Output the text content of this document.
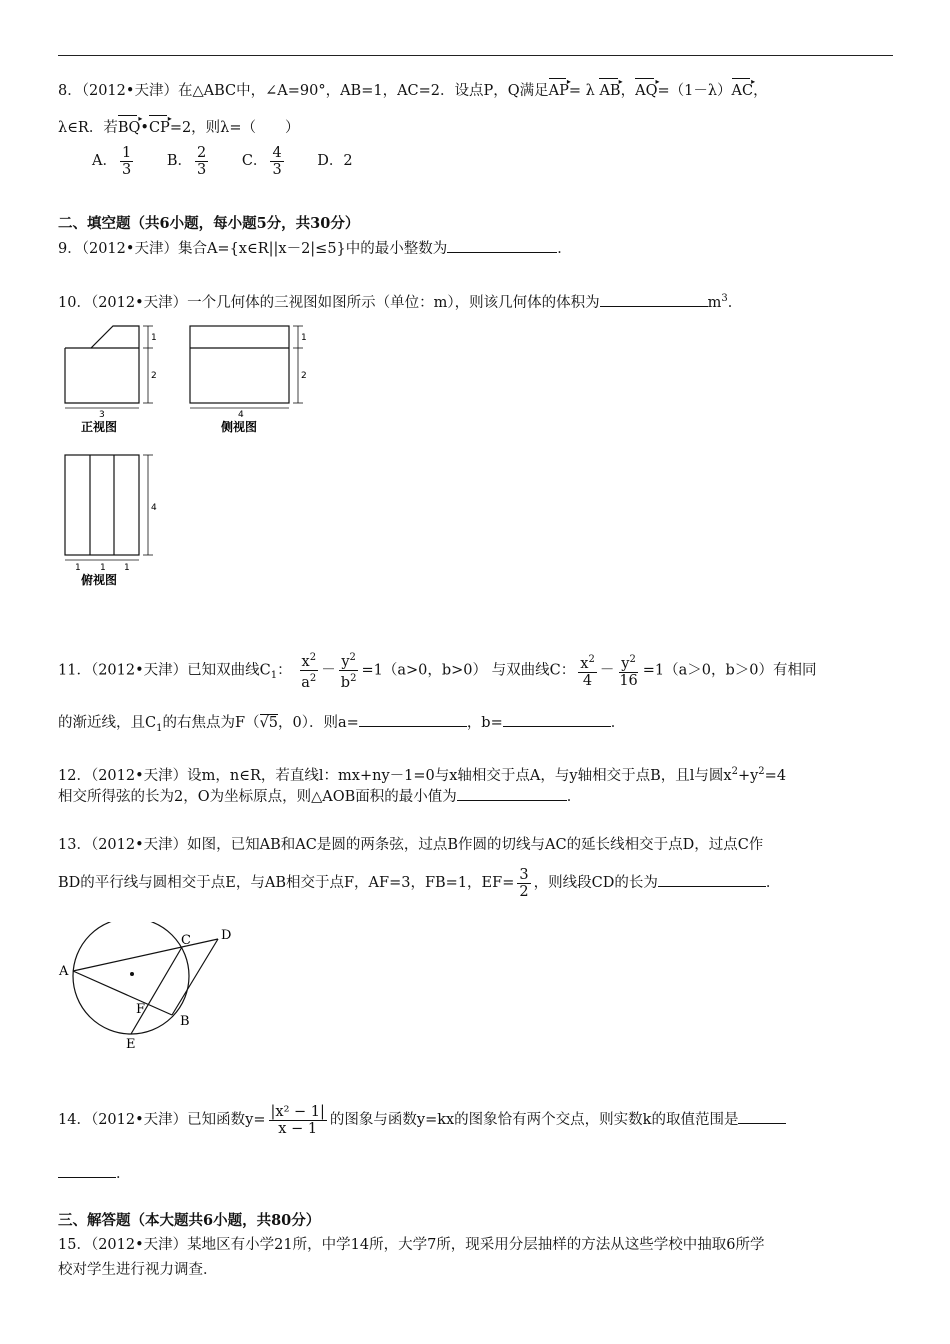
8．（2012•天津）在△ABC中，∠A=90°，AB=1，AC=2．设点P，Q满足AP ▸= λ AB ▸，AQ ▸=（1－λ）AC ▸，
λ∈R．若BQ ▸•CP ▸=2，则λ=（　　）
A． $\frac{1}{3}$ B． $\frac{2}{3}$ C． $\frac{4}{3}$ D．2
二、填空题（共6小题，每小题5分，共30分）
9．（2012•天津）集合A={x∈R||x－2|≤5}中的最小整数为	．
10．（2012•天津）一个几何体的三视图如图所示（单位：m），则该几何体的体积为	$m^3$．
1
2
3
正视图
1
2
4
侧视图
4
1 1 1
俯视图
11．（2012•天津）已知双曲线$C_1$： $\frac{x^2}{a^2} - \frac{y^2}{b^2} =1(a>0$，b>0） 与双曲线C： $\frac{x^2}{4} - \frac{y^2}{16} =1(a>0$，b＞0）有相同
的渐近线，且$C_1$的右焦点为F（√5，0）．则a=	，b=	．
12．（2012•天津）设m，n∈R，若直线l：mx+ny－1=0与x轴相交于点A，与y轴相交于点B，且l与圆$x^2+y^2=4$
相交所得弦的长为2，O为坐标原点，则△AOB面积的最小值为	．
13．（2012•天津）如图，已知AB和AC是圆的两条弦，过点B作圆的切线与AC的延长线相交于点D，过点C作
BD的平行线与圆相交于点E，与AB相交于点F，AF=3，FB=1，$EF= \frac{3}{2}$ ，则线段CD的长为	．
A
B
C D
E
F
14．（2012•天津）已知函数$y= \frac{\text{|x² − 1|}}{x - 1}$ 的图象与函数y=kx的图象恰有两个交点，则实数k的取值范围是
．
三、解答题（本大题共6小题，共80分）
15．（2012•天津）某地区有小学21所，中学14所，大学7所，现采用分层抽样的方法从这些学校中抽取6所学
校对学生进行视力调查．
